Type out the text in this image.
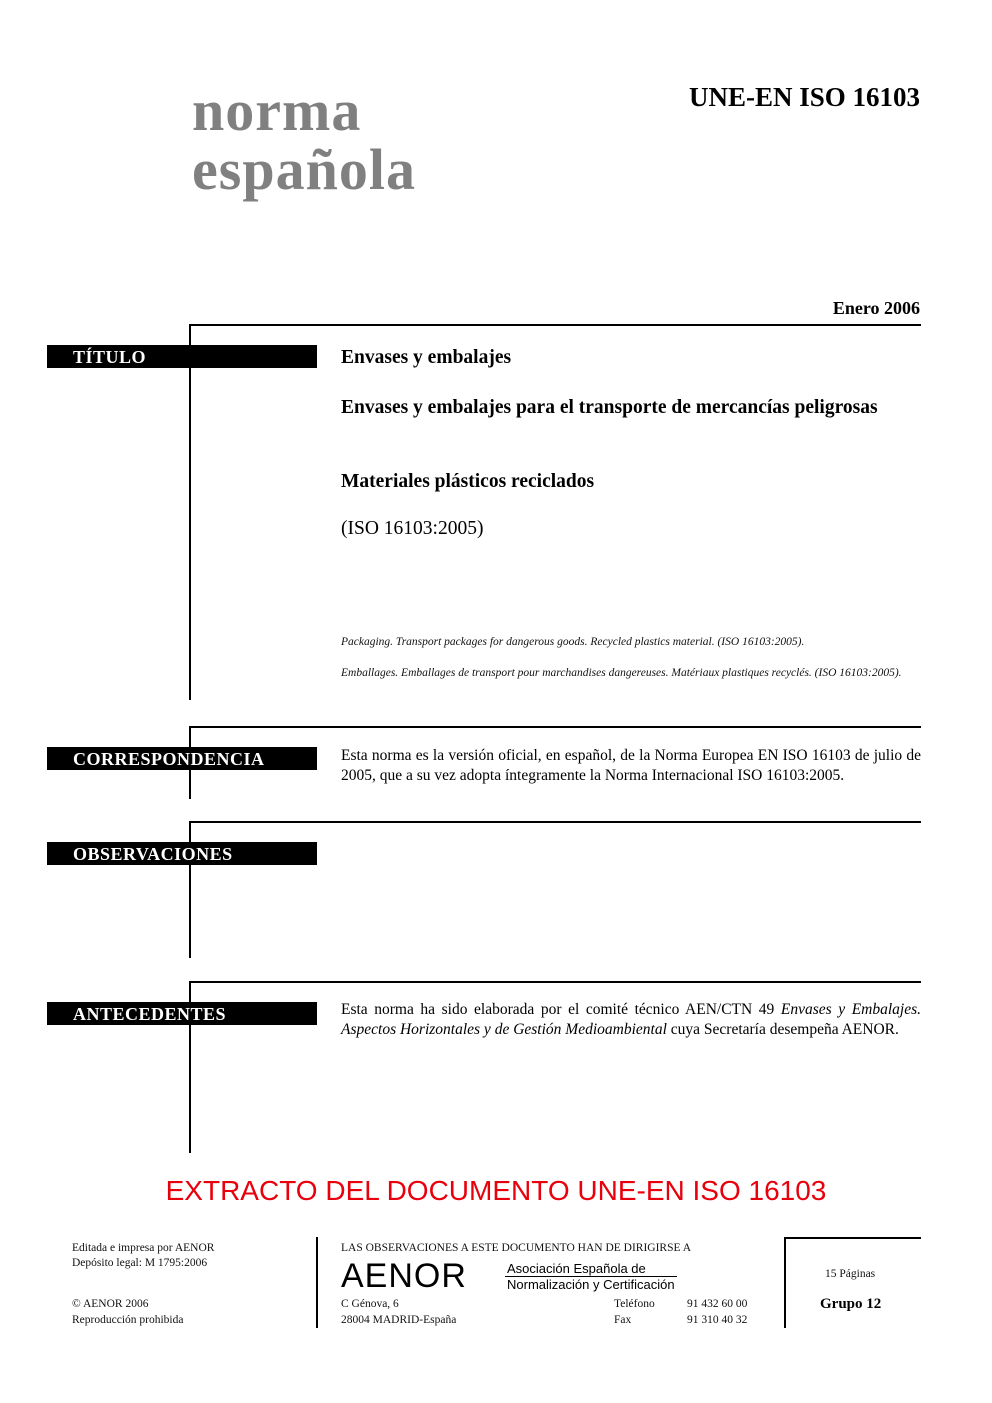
norma
española
UNE-EN ISO 16103
Enero 2006
TÍTULO	Envases y embalajes
Envases y embalajes para el transporte de mercancías peligrosas
Materiales plásticos reciclados
(ISO 16103:2005)
Packaging. Transport packages for dangerous goods. Recycled plastics material. (ISO 16103:2005).
Emballages. Emballages de transport pour marchandises dangereuses. Matériaux plastiques recyclés. (ISO 16103:2005).
CORRESPONDENCIA	Esta norma es la versión oficial, en español, de la Norma Europea EN ISO 16103 de julio de 2005, que a su vez adopta íntegramente la Norma Internacional ISO 16103:2005.
OBSERVACIONES
ANTECEDENTES	Esta norma ha sido elaborada por el comité técnico AEN/CTN 49 Envases y Embalajes. Aspectos Horizontales y de Gestión Medioambiental cuya Secretaría desempeña AENOR.
EXTRACTO DEL DOCUMENTO UNE-EN ISO 16103
Editada e impresa por AENOR
Depósito legal: M 1795:2006
© AENOR 2006
Reproducción prohibida
LAS OBSERVACIONES A ESTE DOCUMENTO HAN DE DIRIGIRSE A
AENOR	Asociación Española de
Normalización y Certificación
C Génova, 6
28004 MADRID-España
Teléfono	91 432 60 00
Fax	91 310 40 32
15 Páginas
Grupo 12
